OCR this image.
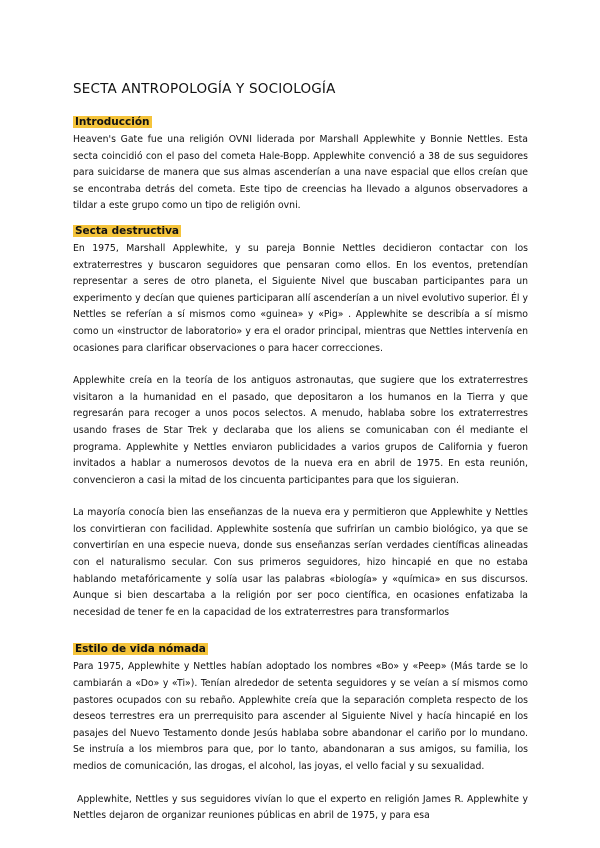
SECTA ANTROPOLOGÍA Y SOCIOLOGÍA
Introducción

Heaven's Gate fue una religión OVNI liderada por Marshall Applewhite y Bonnie Nettles. Esta secta coincidió con el paso del cometa Hale-Bopp. Applewhite convenció a 38 de sus seguidores para suicidarse de manera que sus almas ascenderían a una nave espacial que ellos creían que se encontraba detrás del cometa. Este tipo de creencias ha llevado a algunos observadores a tildar a este grupo como un tipo de religión ovni.

Secta destructiva

En 1975, Marshall Applewhite, y su pareja Bonnie Nettles decidieron contactar con los extraterrestres y buscaron seguidores que pensaran como ellos. En los eventos, pretendían representar a seres de otro planeta, el Siguiente Nivel que buscaban participantes para un experimento y decían que quienes participaran allí ascenderían a un nivel evolutivo superior. Él y Nettles se referían a sí mismos como «guinea» y «Pig» . Applewhite se describía a sí mismo como un «instructor de laboratorio» y era el orador principal, mientras que Nettles intervenía en ocasiones para clarificar observaciones o para hacer correcciones.

Applewhite creía en la teoría de los antiguos astronautas, que sugiere que los extraterrestres visitaron a la humanidad en el pasado, que depositaron a los humanos en la Tierra y que regresarán para recoger a unos pocos selectos. A menudo, hablaba sobre los extraterrestres usando frases de Star Trek y declaraba que los aliens se comunicaban con él mediante el programa. Applewhite y Nettles enviaron publicidades a varios grupos de California y fueron invitados a hablar a numerosos devotos de la nueva era en abril de 1975. En esta reunión, convencieron a casi la mitad de los cincuenta participantes para que los siguieran.

La mayoría conocía bien las enseñanzas de la nueva era y permitieron que Applewhite y Nettles los convirtieran con facilidad. Applewhite sostenía que sufrirían un cambio biológico, ya que se convertirían en una especie nueva, donde sus enseñanzas serían verdades científicas alineadas con el naturalismo secular. Con sus primeros seguidores, hizo hincapié en que no estaba hablando metafóricamente y solía usar las palabras «biología» y «química» en sus discursos. Aunque si bien descartaba a la religión por ser poco científica, en ocasiones enfatizaba la necesidad de tener fe en la capacidad de los extraterrestres para transformarlos

Estilo de vida nómada

Para 1975, Applewhite y Nettles habían adoptado los nombres «Bo» y «Peep» (Más tarde se lo cambiarán a «Do» y «Ti»). Tenían alrededor de setenta seguidores y se veían a sí mismos como pastores ocupados con su rebaño. Applewhite creía que la separación completa respecto de los deseos terrestres era un prerrequisito para ascender al Siguiente Nivel y hacía hincapié en los pasajes del Nuevo Testamento donde Jesús hablaba sobre abandonar el cariño por lo mundano. Se instruía a los miembros para que, por lo tanto, abandonaran a sus amigos, su familia, los medios de comunicación, las drogas, el alcohol, las joyas, el vello facial y su sexualidad.

Applewhite, Nettles y sus seguidores vivían lo que el experto en religión James R. Applewhite y Nettles dejaron de organizar reuniones públicas en abril de 1975, y para esa
